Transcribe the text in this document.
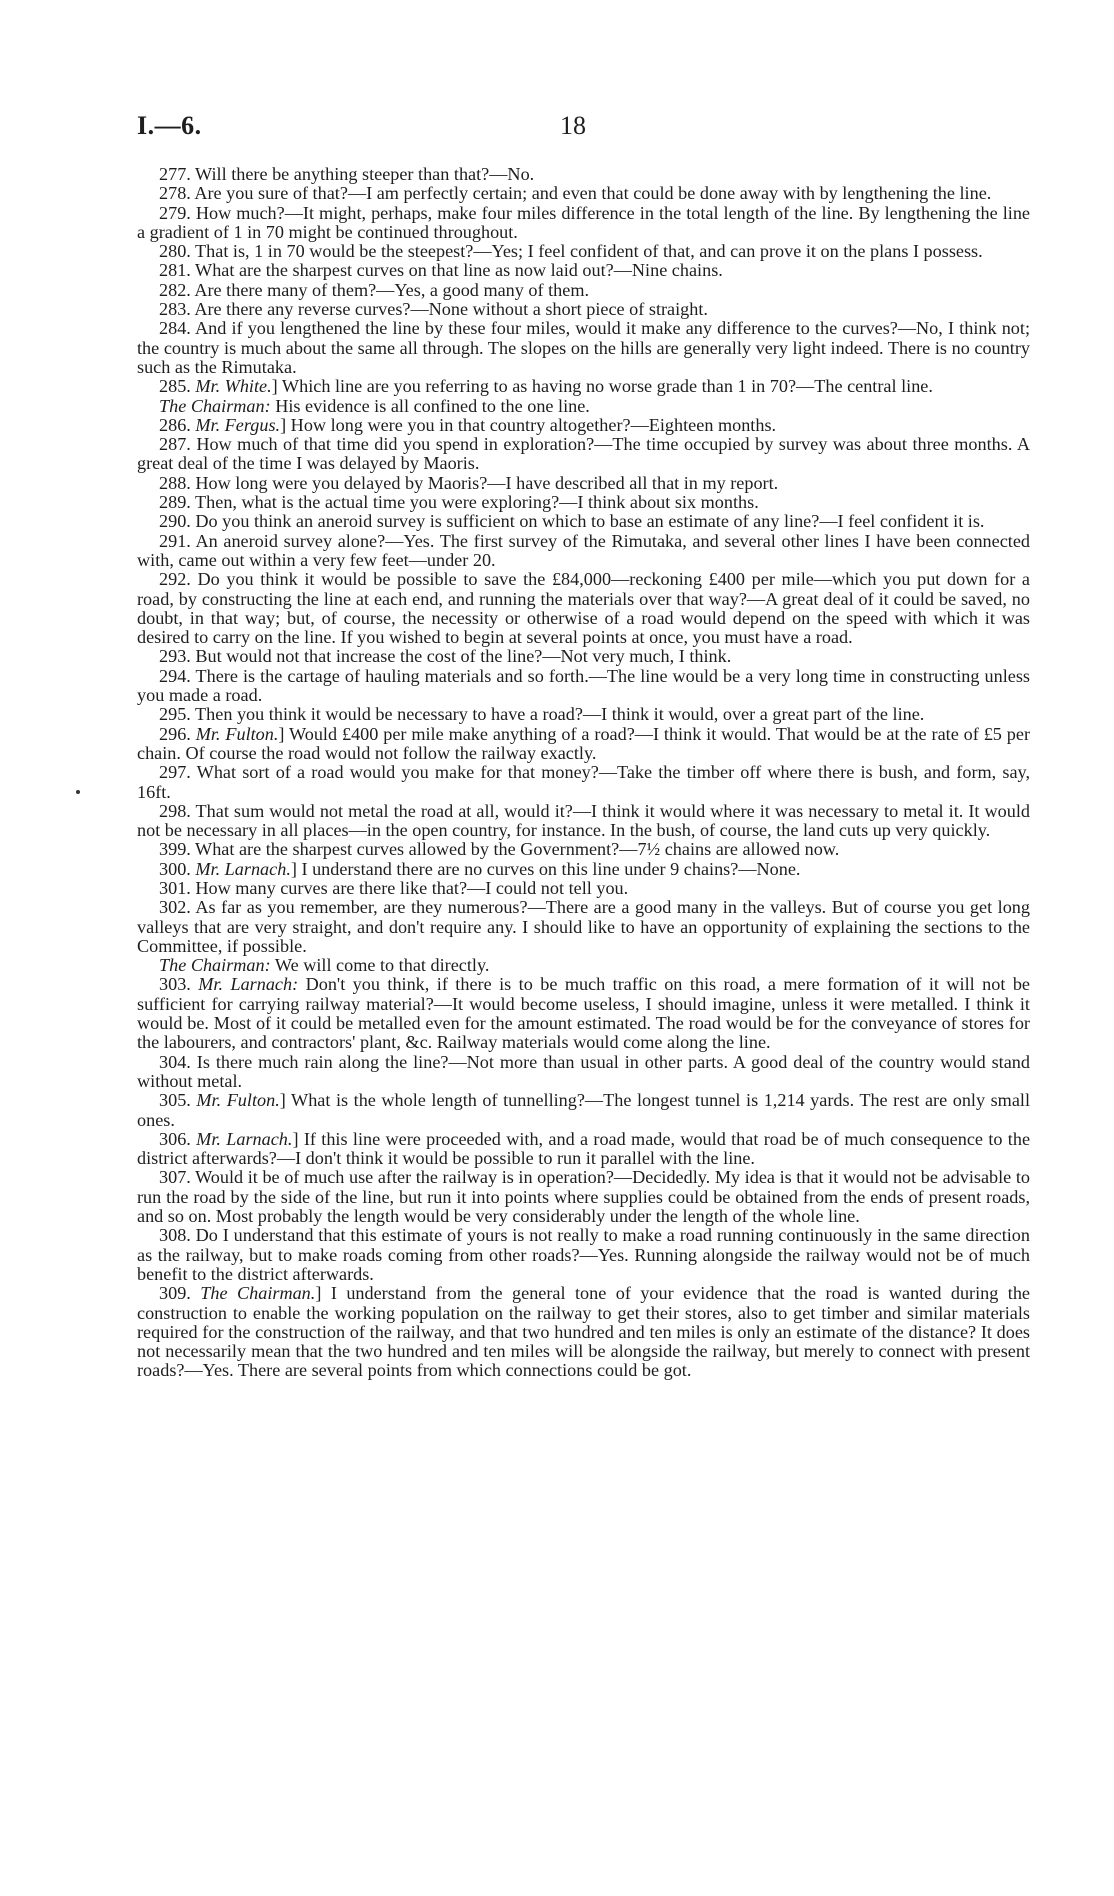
I.—6.	18

277. Will there be anything steeper than that?—No.

278. Are you sure of that?—I am perfectly certain; and even that could be done away with by lengthening the line.

279. How much?—It might, perhaps, make four miles difference in the total length of the line. By lengthening the line a gradient of 1 in 70 might be continued throughout.

280. That is, 1 in 70 would be the steepest?—Yes; I feel confident of that, and can prove it on the plans I possess.

281. What are the sharpest curves on that line as now laid out?—Nine chains.

282. Are there many of them?—Yes, a good many of them.

283. Are there any reverse curves?—None without a short piece of straight.

284. And if you lengthened the line by these four miles, would it make any difference to the curves?—No, I think not; the country is much about the same all through. The slopes on the hills are generally very light indeed. There is no country such as the Rimutaka.

285. Mr. White.] Which line are you referring to as having no worse grade than 1 in 70?—The central line.

The Chairman: His evidence is all confined to the one line.

286. Mr. Fergus.] How long were you in that country altogether?—Eighteen months.

287. How much of that time did you spend in exploration?—The time occupied by survey was about three months. A great deal of the time I was delayed by Maoris.

288. How long were you delayed by Maoris?—I have described all that in my report.

289. Then, what is the actual time you were exploring?—I think about six months.

290. Do you think an aneroid survey is sufficient on which to base an estimate of any line?—I feel confident it is.

291. An aneroid survey alone?—Yes. The first survey of the Rimutaka, and several other lines I have been connected with, came out within a very few feet—under 20.

292. Do you think it would be possible to save the £84,000—reckoning £400 per mile—which you put down for a road, by constructing the line at each end, and running the materials over that way?—A great deal of it could be saved, no doubt, in that way; but, of course, the necessity or otherwise of a road would depend on the speed with which it was desired to carry on the line. If you wished to begin at several points at once, you must have a road.

293. But would not that increase the cost of the line?—Not very much, I think.

294. There is the cartage of hauling materials and so forth.—The line would be a very long time in constructing unless you made a road.

295. Then you think it would be necessary to have a road?—I think it would, over a great part of the line.

296. Mr. Fulton.] Would £400 per mile make anything of a road?—I think it would. That would be at the rate of £5 per chain. Of course the road would not follow the railway exactly.

297. What sort of a road would you make for that money?—Take the timber off where there is bush, and form, say, 16ft.

298. That sum would not metal the road at all, would it?—I think it would where it was necessary to metal it. It would not be necessary in all places—in the open country, for instance. In the bush, of course, the land cuts up very quickly.

399. What are the sharpest curves allowed by the Government?—7½ chains are allowed now.

300. Mr. Larnach.] I understand there are no curves on this line under 9 chains?—None.

301. How many curves are there like that?—I could not tell you.

302. As far as you remember, are they numerous?—There are a good many in the valleys. But of course you get long valleys that are very straight, and don't require any. I should like to have an opportunity of explaining the sections to the Committee, if possible.

The Chairman: We will come to that directly.

303. Mr. Larnach: Don't you think, if there is to be much traffic on this road, a mere formation of it will not be sufficient for carrying railway material?—It would become useless, I should imagine, unless it were metalled. I think it would be. Most of it could be metalled even for the amount estimated. The road would be for the conveyance of stores for the labourers, and contractors' plant, &c. Railway materials would come along the line.

304. Is there much rain along the line?—Not more than usual in other parts. A good deal of the country would stand without metal.

305. Mr. Fulton.] What is the whole length of tunnelling?—The longest tunnel is 1,214 yards. The rest are only small ones.

306. Mr. Larnach.] If this line were proceeded with, and a road made, would that road be of much consequence to the district afterwards?—I don't think it would be possible to run it parallel with the line.

307. Would it be of much use after the railway is in operation?—Decidedly. My idea is that it would not be advisable to run the road by the side of the line, but run it into points where supplies could be obtained from the ends of present roads, and so on. Most probably the length would be very considerably under the length of the whole line.

308. Do I understand that this estimate of yours is not really to make a road running continuously in the same direction as the railway, but to make roads coming from other roads?—Yes. Running alongside the railway would not be of much benefit to the district afterwards.

309. The Chairman.] I understand from the general tone of your evidence that the road is wanted during the construction to enable the working population on the railway to get their stores, also to get timber and similar materials required for the construction of the railway, and that two hundred and ten miles is only an estimate of the distance? It does not necessarily mean that the two hundred and ten miles will be alongside the railway, but merely to connect with present roads?—Yes. There are several points from which connections could be got.
